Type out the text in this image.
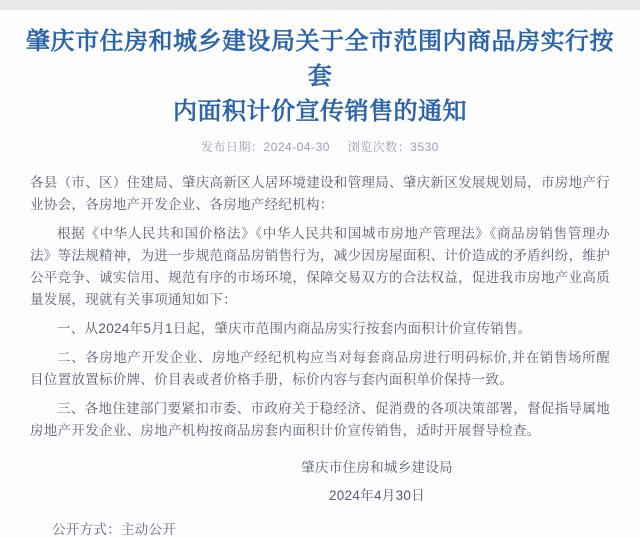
肇庆市住房和城乡建设局关于全市范围内商品房实行按套
内面积计价宣传销售的通知
发布日期：2024-04-30 浏览次数：3530

各县（市、区）住建局、肇庆高新区人居环境建设和管理局、肇庆新区发展规划局，市房地产行业协会，各房地产开发企业、各房地产经纪机构：

根据《中华人民共和国价格法》《中华人民共和国城市房地产管理法》《商品房销售管理办法》等法规精神，为进一步规范商品房销售行为，减少因房屋面积、计价造成的矛盾纠纷，维护公平竞争、诚实信用、规范有序的市场环境，保障交易双方的合法权益，促进我市房地产业高质量发展，现就有关事项通知如下：

一、从2024年5月1日起，肇庆市范围内商品房实行按套内面积计价宣传销售。

二、各房地产开发企业、房地产经纪机构应当对每套商品房进行明码标价,并在销售场所醒目位置放置标价牌、价目表或者价格手册，标价内容与套内面积单价保持一致。

三、各地住建部门要紧扣市委、市政府关于稳经济、促消费的各项决策部署，督促指导属地房地产开发企业、房地产机构按商品房套内面积计价宣传销售，适时开展督导检查。

肇庆市住房和城乡建设局
2024年4月30日
公开方式：主动公开
